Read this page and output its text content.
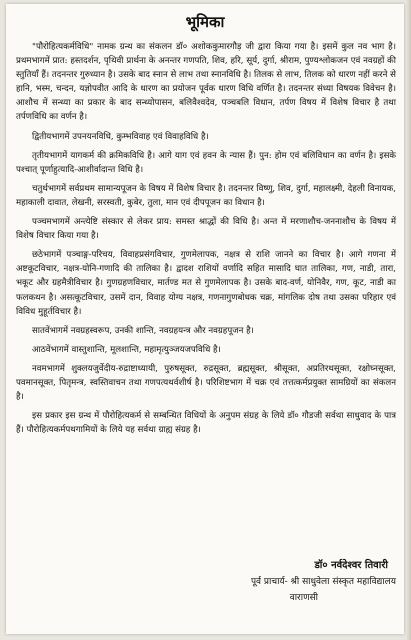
भूमिका

"पौरोहित्यकर्मविधि" नामक ग्रन्थ का संकलन डॉ० अशोककुमारगौड़ जी द्वारा किया गया है। इसमें कुल नव भाग है। प्रथमभागमें प्रात: हस्तदर्शन, पृथिवी प्रार्थना के अनन्तर गणपति, शिव, हरि, सूर्य, दुर्गा, श्रीराम, पुण्यश्लोकजन एवं नवग्रहों की स्तुतियाँ हैं। तदनन्तर गुरुध्यान है। उसके बाद स्नान से लाभ तथा स्नानविधि है। तिलक से लाभ, तिलक को धारण नहीं करने से हानि, भस्म, चन्दन, यज्ञोपवीत आदि के धारण का प्रयोजन पूर्वक धारण विधि वर्णित है। तदनन्तर संध्या विषयक विवेचन है। आशौच में सन्ध्या का प्रकार के बाद सन्ध्योपासन, बलिवैश्वदेव, पञ्चबलि विधान, तर्पण विषय में विशेष विचार है तथा तर्पणविधि का वर्णन है।

द्वितीयभागमें उपनयनविधि, कुम्भविवाह एवं विवाहविधि है।

तृतीयभागमें यागकर्म की क्रमिकविधि है। आगे याग एवं हवन के न्यास हैं। पुन: होम एवं बलिविधान का वर्णन है। इसके पश्चात् पूर्णाहुत्यादि-आशीर्वादान्त विधि है।

चतुर्थभागमें सर्वप्रथम सामान्यपूजन के विषय में विशेष विचार है। तदनन्तर विष्णु, शिव, दुर्गा, महालक्ष्मी, देहली विनायक, महाकाली दावात, लेखनी, सरस्वती, कुबेर, तुला, मान एवं दीपपूजन का विधान है।

पञ्चमभागमें अन्त्येष्टि संस्कार से लेकर प्राय: समस्त श्राद्धों की विधि है। अन्त में मरणाशौच-जननाशौच के विषय में विशेष विचार किया गया है।

छठेभागमें पञ्चाङ्ग-परिचय, विवाहप्रसंगविचार, गुणमेलापक, नक्षत्र से राशि जानने का विचार है। आगे गणना में अष्टकूटविचार, नक्षत्र-योनि-गणादि की तालिका है। द्वादश राशियों वर्णादि सहित मासादि घात तालिका, गण, नाडी, तारा, भकूट और ग्रहमैत्रीविचार है। गुणग्रहणविचार, मार्तण्ड मत से गुणमेलापक है। उसके बाद-वर्ण, योनिवैर, गण, कूट, नाडी का फलकथन है। असत्कूटविचार, उसमें दान, विवाह योग्य नक्षत्र, गणनागुणबोधक चक्र, मांगलिक दोष तथा उसका परिहार एवं विविध मुहूर्तविचार है।

सातवेंभागमें नवग्रहस्वरूप, उनकी शान्ति, नवग्रहयन्त्र और नवग्रहपूजन है।

आठवेंभागमें वास्तुशान्ति, मूलशान्ति, महामृत्युञ्जयजपविधि है।

नवमभागमें शुक्लयजुर्वेदीय-रुद्राष्टाध्यायी, पुरुषसूक्त, रुद्रसूक्त, ब्रह्मसूक्त, श्रीसूक्त, अप्रतिरथसूक्त, रक्षोघ्नसूक्त, पवमानसूक्त, पितृमन्त्र, स्वस्तिवाचन तथा गणपत्यथर्वशीर्ष है। परिशिष्टभाग में चक्र एवं तत्तत्कर्मप्रयुक्त सामग्रियों का संकलन है।

इस प्रकार इस ग्रन्थ में पौरोहित्यकर्म से सम्बन्धित विधियों के अनुपम संग्रह के लिये डॉ० गौडजी सर्वथा साधुवाद के पात्र हैं। पौरोहित्यकर्मपथगामियों के लिये यह सर्वथा ग्राह्य संग्रह है।

डॉ० नर्वदेश्वर तिवारी
पूर्व प्राचार्य- श्री साधुवेला संस्कृत महाविद्यालय
वाराणसी
